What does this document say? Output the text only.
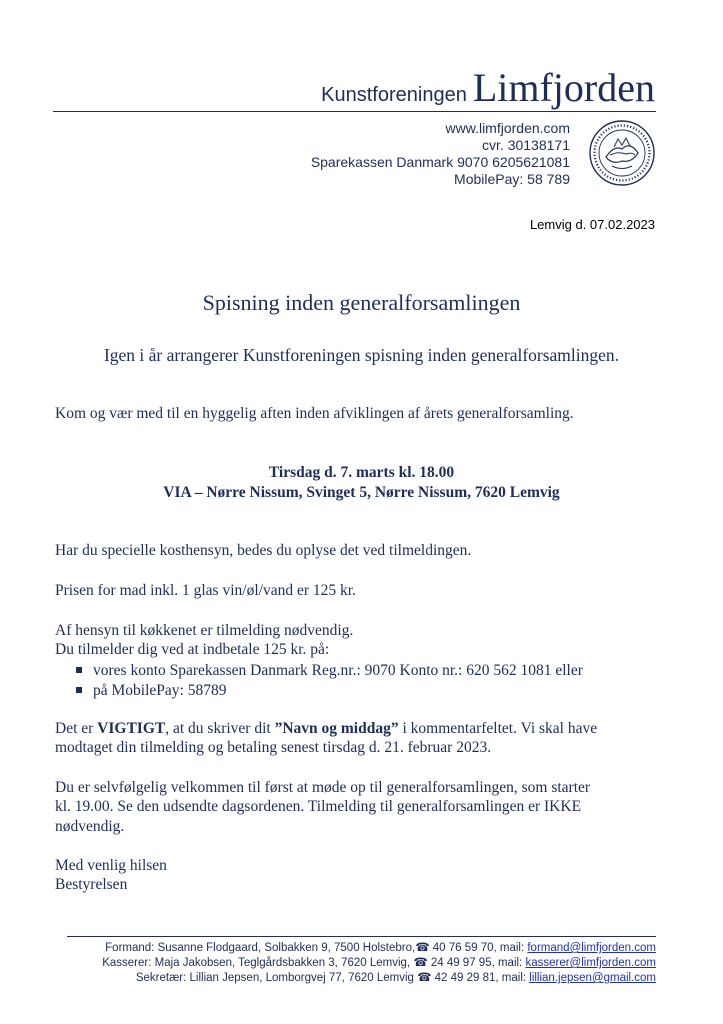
Kunstforeningen Limfjorden
www.limfjorden.com
cvr. 30138171
Sparekassen Danmark 9070 6205621081
MobilePay: 58 789
Lemvig d. 07.02.2023
Spisning inden generalforsamlingen
Igen i år arrangerer Kunstforeningen spisning inden generalforsamlingen.
Kom og vær med til en hyggelig aften inden afviklingen af årets generalforsamling.
Tirsdag d. 7. marts kl. 18.00
VIA – Nørre Nissum, Svinget 5, Nørre Nissum, 7620 Lemvig
Har du specielle kosthensyn, bedes du oplyse det ved tilmeldingen.
Prisen for mad inkl. 1 glas vin/øl/vand er 125 kr.
Af hensyn til køkkenet er tilmelding nødvendig.
Du tilmelder dig ved at indbetale 125 kr. på:
vores konto Sparekassen Danmark Reg.nr.: 9070 Konto nr.: 620 562 1081 eller
på MobilePay: 58789
Det er VIGTIGT, at du skriver dit ”Navn og middag” i kommentarfeltet. Vi skal have
modtaget din tilmelding og betaling senest tirsdag d. 21. februar 2023.
Du er selvfølgelig velkommen til først at møde op til generalforsamlingen, som starter
kl. 19.00. Se den udsendte dagsordenen. Tilmelding til generalforsamlingen er IKKE
nødvendig.
Med venlig hilsen
Bestyrelsen
Formand: Susanne Flodgaard, Solbakken 9, 7500 Holstebro,☎ 40 76 59 70, mail: formand@limfjorden.com
Kasserer: Maja Jakobsen, Teglgårdsbakken 3, 7620 Lemvig, ☎ 24 49 97 95, mail: kasserer@limfjorden.com
Sekretær: Lillian Jepsen, Lomborgvej 77, 7620 Lemvig ☎ 42 49 29 81, mail: lillian.jepsen@gmail.com
